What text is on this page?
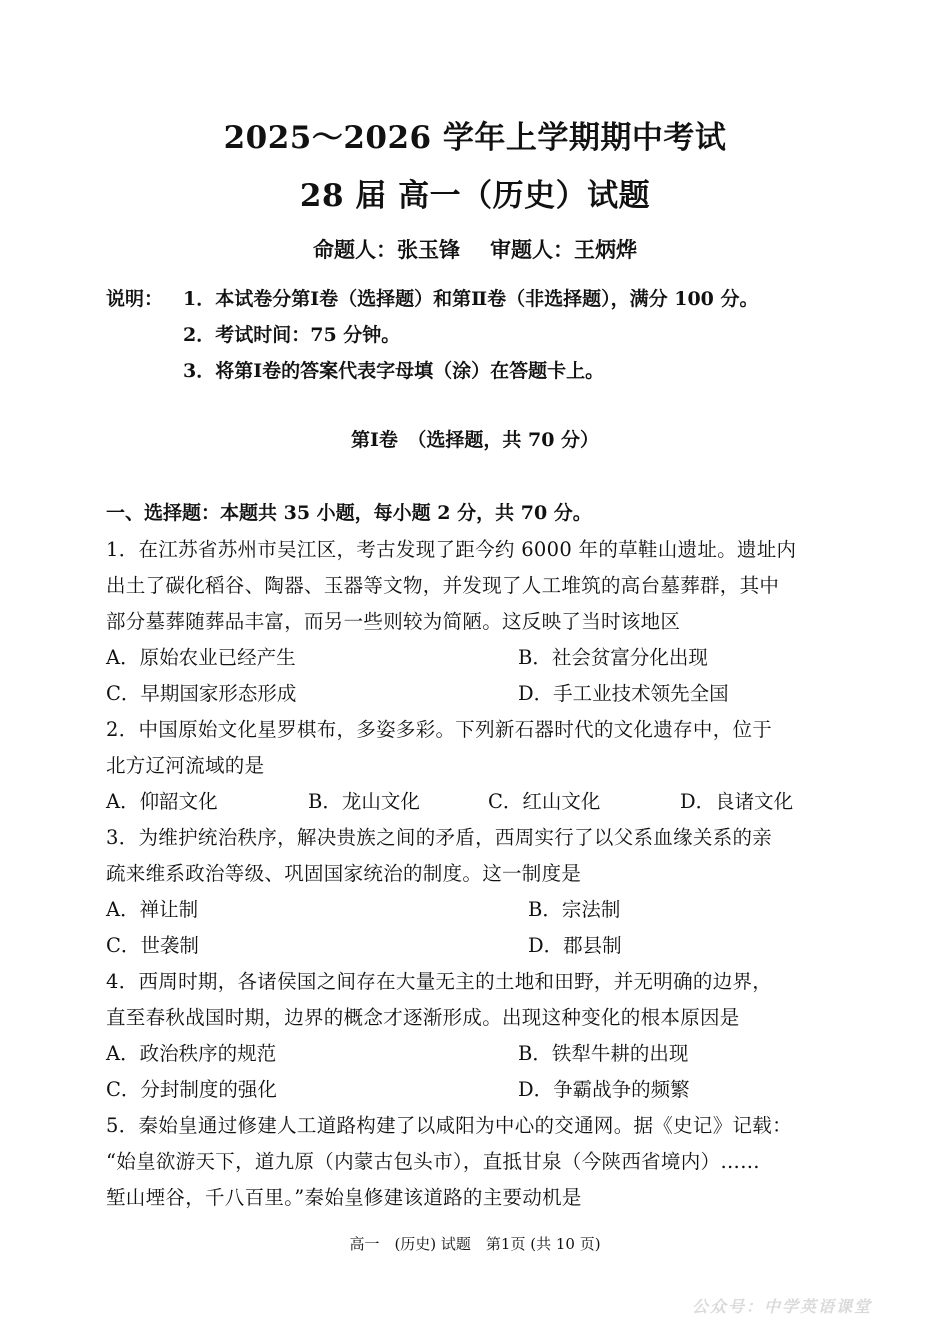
2025～2026 学年上学期期中考试
28 届 高一（历史）试题
命题人：张玉锋 审题人：王炳烨
说明： 1．本试卷分第Ⅰ卷（选择题）和第Ⅱ卷（非选择题），满分 100 分。
2．考试时间：75 分钟。
3．将第Ⅰ卷的答案代表字母填（涂）在答题卡上。
第Ⅰ卷　（选择题，共 70 分）
一、选择题：本题共 35 小题，每小题 2 分，共 70 分。
1．在江苏省苏州市吴江区，考古发现了距今约 6000 年的草鞋山遗址。遗址内
出土了碳化稻谷、陶器、玉器等文物，并发现了人工堆筑的高台墓葬群，其中
部分墓葬随葬品丰富，而另一些则较为简陋。这反映了当时该地区
A．原始农业已经产生	B．社会贫富分化出现
C．早期国家形态形成	D．手工业技术领先全国
2．中国原始文化星罗棋布，多姿多彩。下列新石器时代的文化遗存中，位于
北方辽河流域的是
A．仰韶文化	B．龙山文化	C．红山文化	D．良诸文化
3．为维护统治秩序，解决贵族之间的矛盾，西周实行了以父系血缘关系的亲
疏来维系政治等级、巩固国家统治的制度。这一制度是
A．禅让制	B．宗法制
C．世袭制	D．郡县制
4．西周时期，各诸侯国之间存在大量无主的土地和田野，并无明确的边界，
直至春秋战国时期，边界的概念才逐渐形成。出现这种变化的根本原因是
A．政治秩序的规范	B．铁犁牛耕的出现
C．分封制度的强化	D．争霸战争的频繁
5．秦始皇通过修建人工道路构建了以咸阳为中心的交通网。据《史记》记载：
“始皇欲游天下，道九原（内蒙古包头市），直抵甘泉（今陕西省境内）……
堑山堙谷，千八百里。”秦始皇修建该道路的主要动机是
高一　(历史) 试题　第1页 (共 10 页)
公众号：中学英语课堂
